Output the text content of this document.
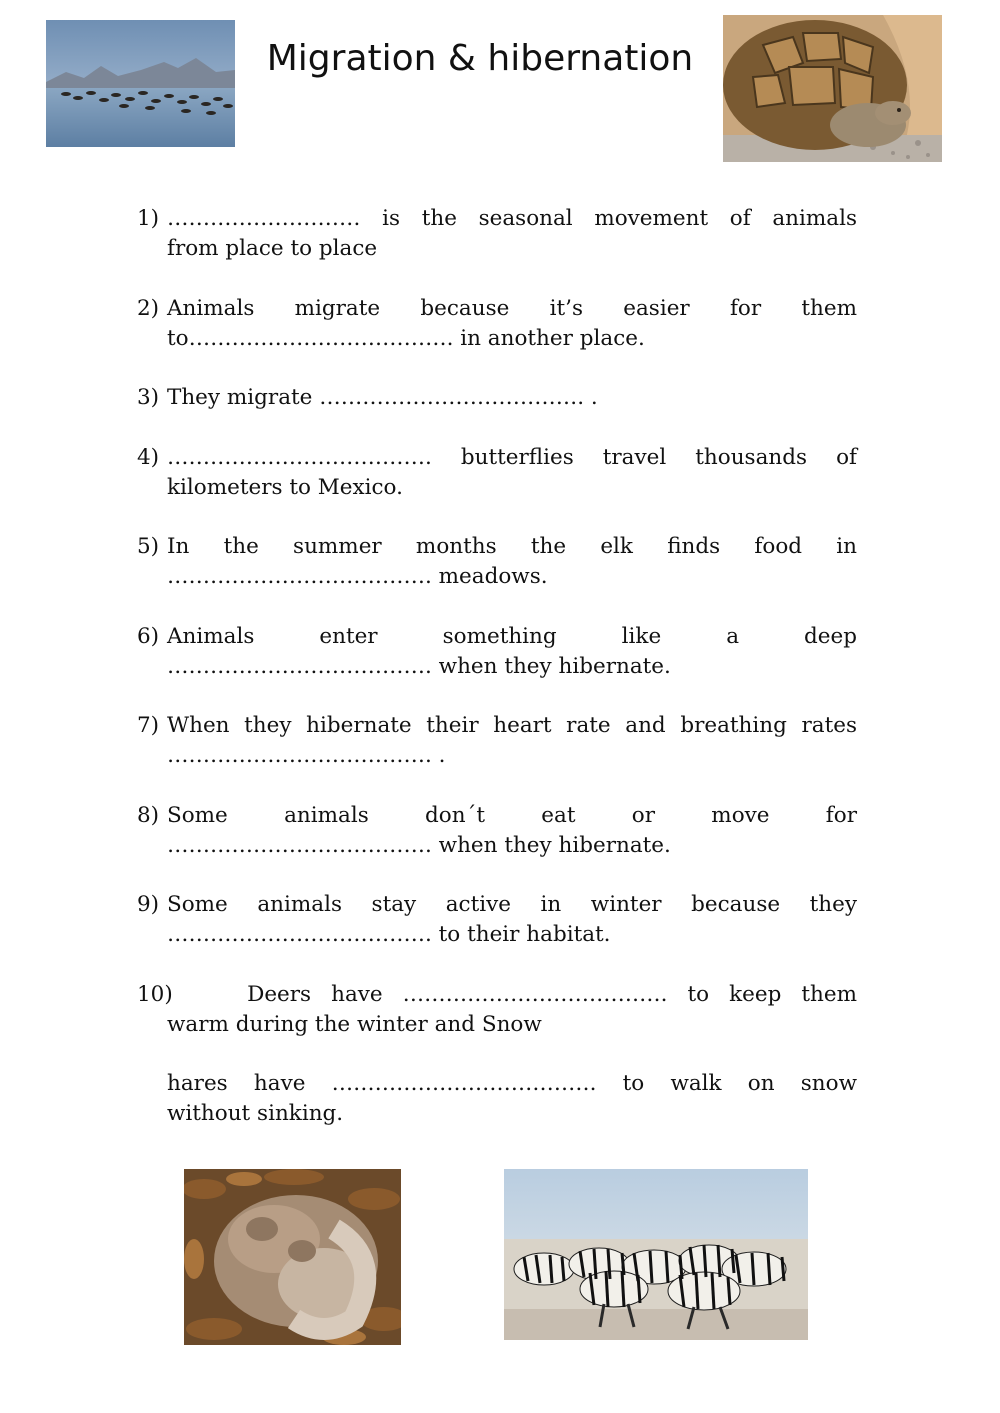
Migration & hibernation
1) ……………………… is the seasonal movement of animals
from place to place
2) Animals migrate because it’s easier for them
to………………………………. in another place.
3) They migrate ………………………………. .
4) ………………………………. butterflies travel thousands of
kilometers to Mexico.
5) In the summer months the elk finds food in
………………………………. meadows.
6) Animals enter something like a deep
………………………………. when they hibernate.
7) When they hibernate their heart rate and breathing rates
………………………………. .
8) Some animals don´t eat or move for
………………………………. when they hibernate.
9) Some animals stay active in winter because they
………………………………. to their habitat.
10)
Deers have ………………………………. to keep them
warm during the winter and Snow
hares have ………………………………. to walk on snow
without sinking.
